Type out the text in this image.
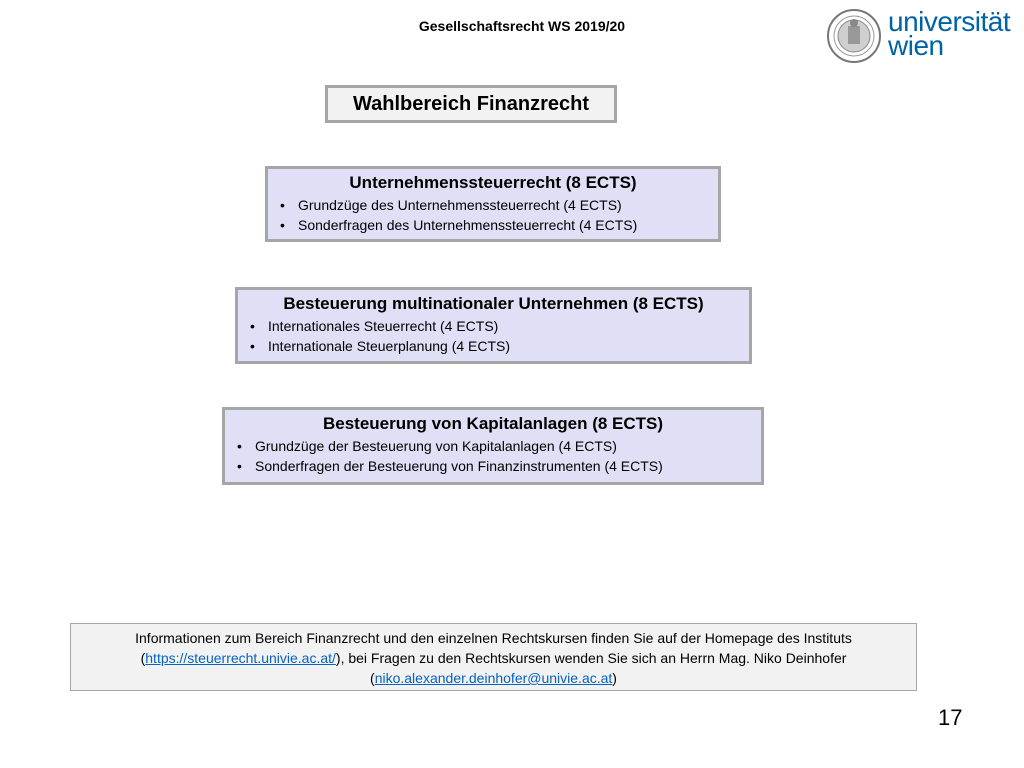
Gesellschaftsrecht WS 2019/20	universität
wien
Wahlbereich Finanzrecht
Unternehmenssteuerrecht (8 ECTS)
• Grundzüge des Unternehmenssteuerrecht (4 ECTS)
• Sonderfragen des Unternehmenssteuerrecht (4 ECTS)
Besteuerung multinationaler Unternehmen (8 ECTS)
• Internationales Steuerrecht (4 ECTS)
• Internationale Steuerplanung (4 ECTS)
Besteuerung von Kapitalanlagen (8 ECTS)
• Grundzüge der Besteuerung von Kapitalanlagen (4 ECTS)
• Sonderfragen der Besteuerung von Finanzinstrumenten (4 ECTS)
Informationen zum Bereich Finanzrecht und den einzelnen Rechtskursen finden Sie auf der Homepage des Instituts
(https://steuerrecht.univie.ac.at/), bei Fragen zu den Rechtskursen wenden Sie sich an Herrn Mag. Niko Deinhofer
(niko.alexander.deinhofer@univie.ac.at)
17
